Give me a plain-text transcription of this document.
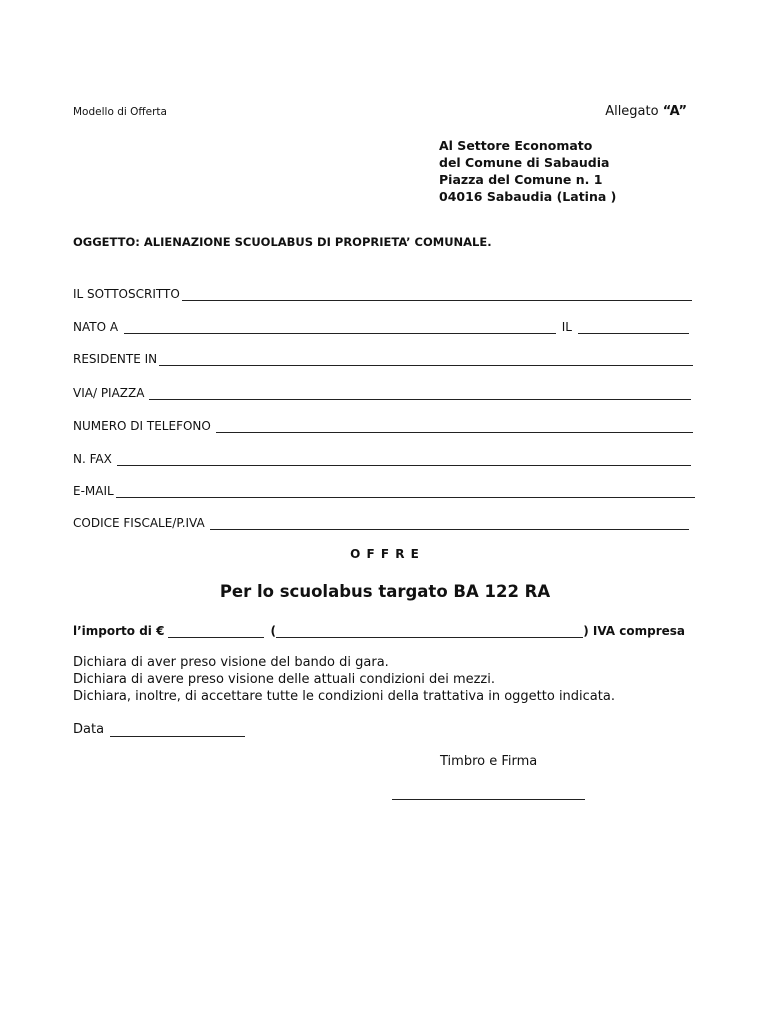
Modello di Offerta	Allegato “A”
Al Settore Economato
del Comune di Sabaudia
Piazza del Comune n. 1
04016 Sabaudia (Latina )
OGGETTO: ALIENAZIONE SCUOLABUS DI PROPRIETA’ COMUNALE.
IL SOTTOSCRITTO
NATO A	IL
RESIDENTE IN
VIA/ PIAZZA
NUMERO DI TELEFONO
N. FAX
E-MAIL
CODICE FISCALE/P.IVA
O F F R E
Per lo scuolabus targato BA 122 RA
l’importo di €	(	) IVA compresa
Dichiara di aver preso visione del bando di gara.
Dichiara di avere preso visione delle attuali condizioni dei mezzi.
Dichiara, inoltre, di accettare tutte le condizioni della trattativa in oggetto indicata.
Data
Timbro e Firma
